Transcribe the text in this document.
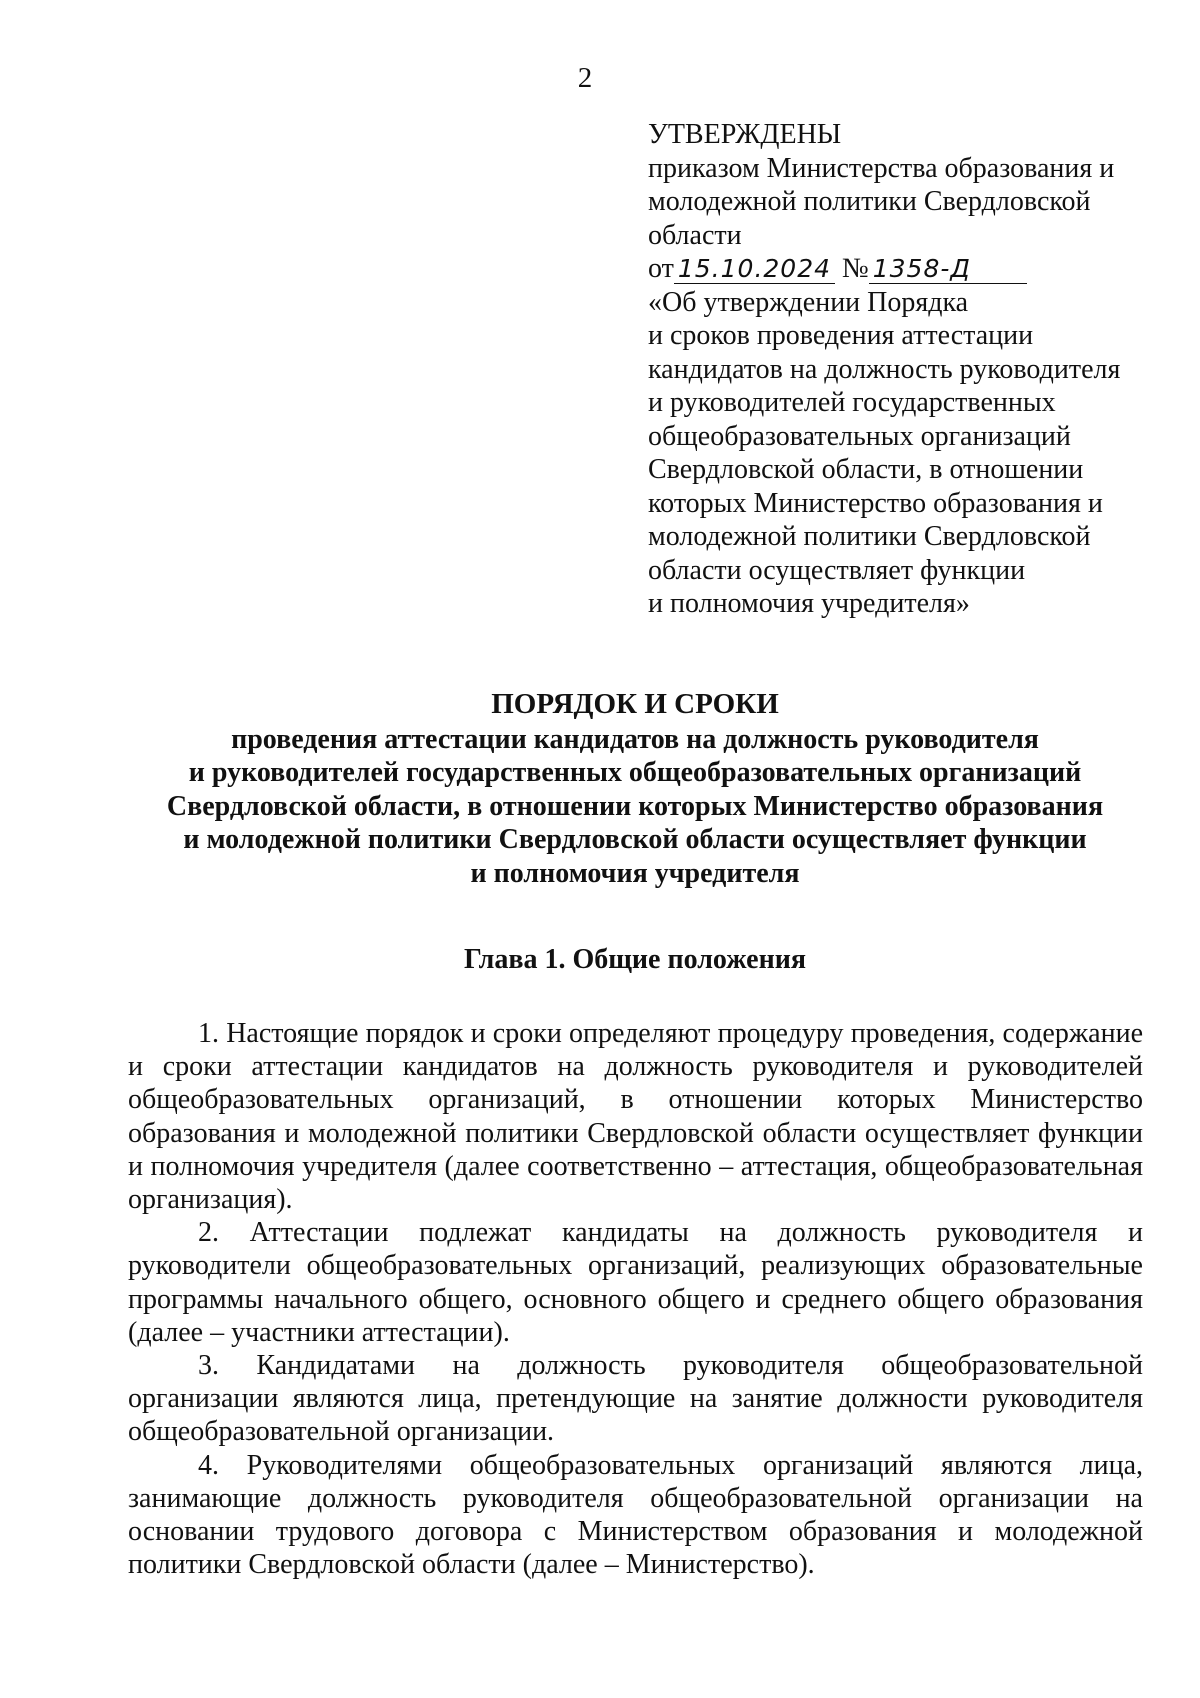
2
УТВЕРЖДЕНЫ
приказом Министерства образования и
молодежной политики Свердловской
области
от 15.10.2024 № 1358-Д
«Об утверждении Порядка
и сроков проведения аттестации
кандидатов на должность руководителя
и руководителей государственных
общеобразовательных организаций
Свердловской области, в отношении
которых Министерство образования и
молодежной политики Свердловской
области осуществляет функции
и полномочия учредителя»
ПОРЯДОК И СРОКИ
проведения аттестации кандидатов на должность руководителя
и руководителей государственных общеобразовательных организаций
Свердловской области, в отношении которых Министерство образования
и молодежной политики Свердловской области осуществляет функции
и полномочия учредителя
Глава 1. Общие положения

1. Настоящие порядок и сроки определяют процедуру проведения, содержание и сроки аттестации кандидатов на должность руководителя и руководителей общеобразовательных организаций, в отношении которых Министерство образования и молодежной политики Свердловской области осуществляет функции и полномочия учредителя (далее соответственно – аттестация, общеобразовательная организация).

2. Аттестации подлежат кандидаты на должность руководителя и руководители общеобразовательных организаций, реализующих образовательные программы начального общего, основного общего и среднего общего образования (далее – участники аттестации).

3. Кандидатами на должность руководителя общеобразовательной организации являются лица, претендующие на занятие должности руководителя общеобразовательной организации.

4. Руководителями общеобразовательных организаций являются лица, занимающие должность руководителя общеобразовательной организации на основании трудового договора с Министерством образования и молодежной политики Свердловской области (далее – Министерство).
